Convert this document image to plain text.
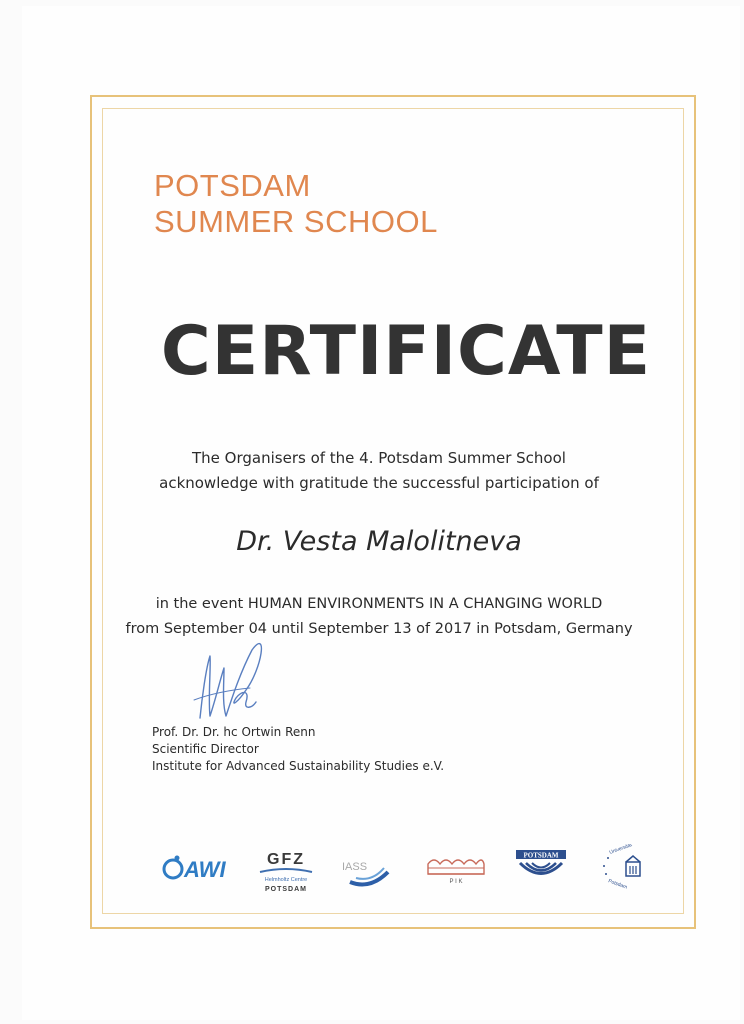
POTSDAM
SUMMER SCHOOL
CERTIFICATE
The Organisers of the 4. Potsdam Summer School
acknowledge with gratitude the successful participation of
Dr. Vesta Malolitneva
in the event HUMAN ENVIRONMENTS IN A CHANGING WORLD
from September 04 until September 13 of 2017 in Potsdam, Germany
Prof. Dr. Dr. hc Ortwin Renn
Scientific Director
Institute for Advanced Sustainability Studies e.V.
AWI	GFZ
Helmholtz Centre
POTSDAM
IASS
P I K
POTSDAM	Universität
Potsdam
